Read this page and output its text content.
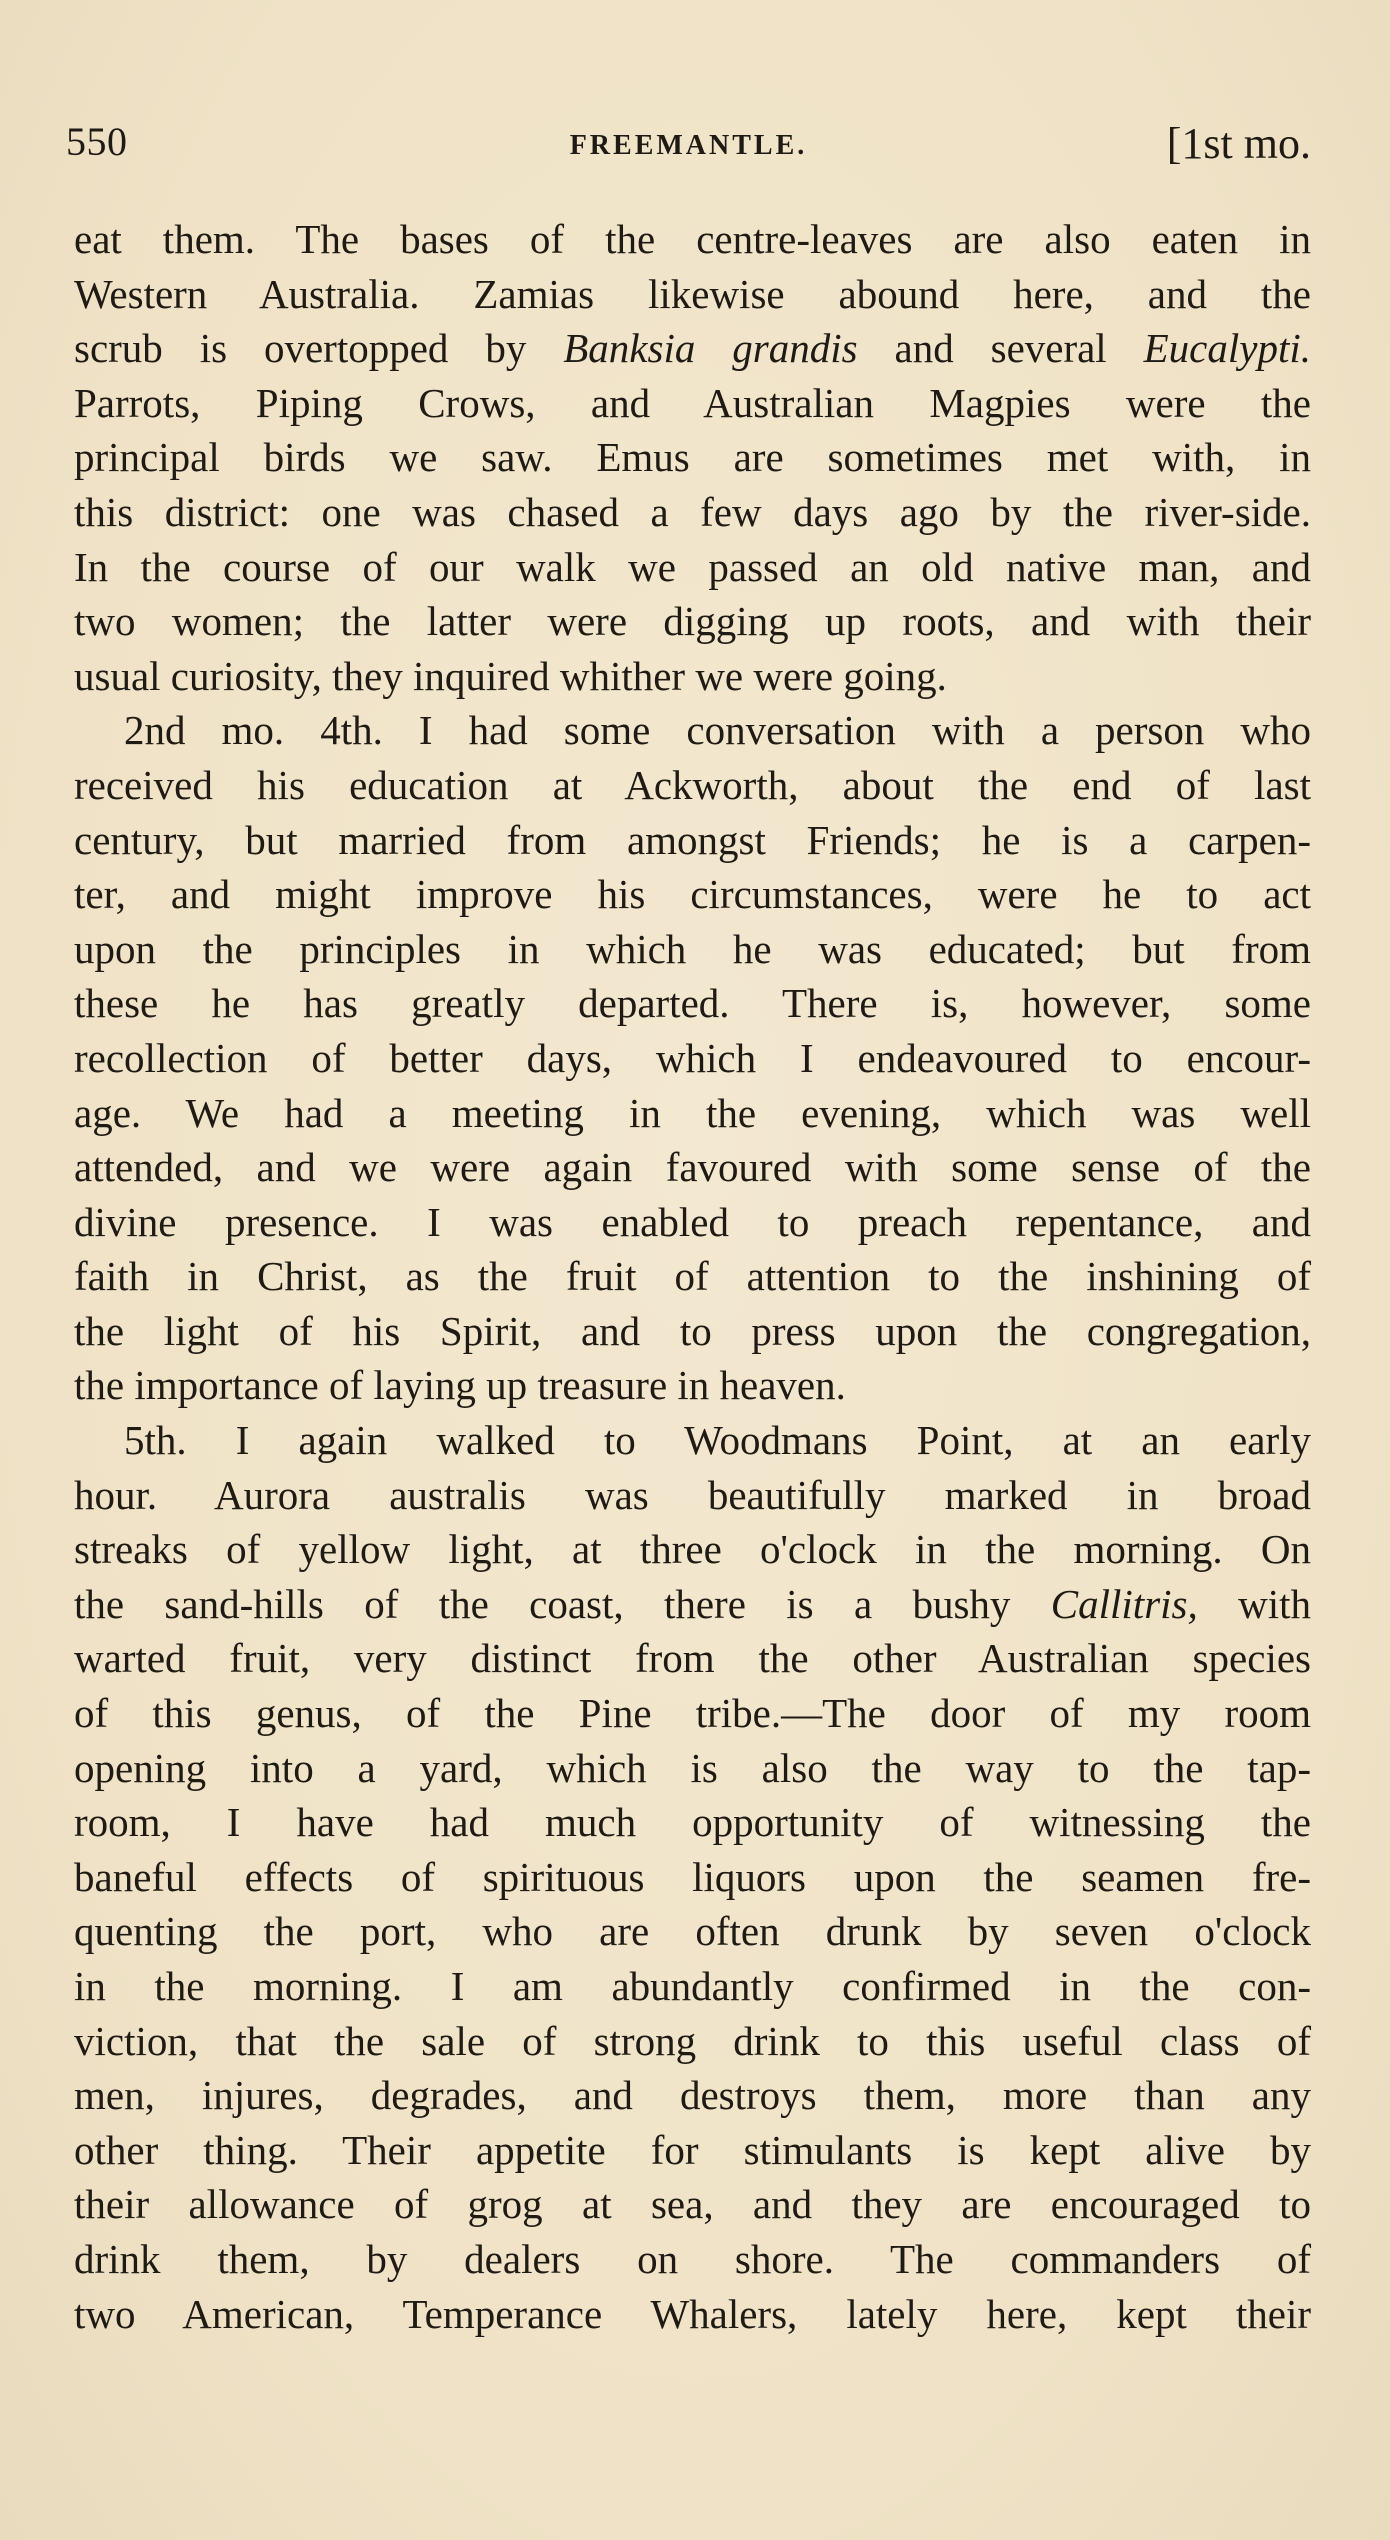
550	FREEMANTLE.	[1st mo.
eat them. The bases of the centre-leaves are also eaten in
Western Australia. Zamias likewise abound here, and the
scrub is overtopped by Banksia grandis and several Eucalypti.
Parrots, Piping Crows, and Australian Magpies were the
principal birds we saw. Emus are sometimes met with, in
this district: one was chased a few days ago by the river-side.
In the course of our walk we passed an old native man, and
two women; the latter were digging up roots, and with their
usual curiosity, they inquired whither we were going.
2nd mo. 4th. I had some conversation with a person who
received his education at Ackworth, about the end of last
century, but married from amongst Friends; he is a carpen-
ter, and might improve his circumstances, were he to act
upon the principles in which he was educated; but from
these he has greatly departed. There is, however, some
recollection of better days, which I endeavoured to encour-
age. We had a meeting in the evening, which was well
attended, and we were again favoured with some sense of the
divine presence. I was enabled to preach repentance, and
faith in Christ, as the fruit of attention to the inshining of
the light of his Spirit, and to press upon the congregation,
the importance of laying up treasure in heaven.
5th. I again walked to Woodmans Point, at an early
hour. Aurora australis was beautifully marked in broad
streaks of yellow light, at three o'clock in the morning. On
the sand-hills of the coast, there is a bushy Callitris, with
warted fruit, very distinct from the other Australian species
of this genus, of the Pine tribe.—The door of my room
opening into a yard, which is also the way to the tap-
room, I have had much opportunity of witnessing the
baneful effects of spirituous liquors upon the seamen fre-
quenting the port, who are often drunk by seven o'clock
in the morning. I am abundantly confirmed in the con-
viction, that the sale of strong drink to this useful class of
men, injures, degrades, and destroys them, more than any
other thing. Their appetite for stimulants is kept alive by
their allowance of grog at sea, and they are encouraged to
drink them, by dealers on shore. The commanders of
two American, Temperance Whalers, lately here, kept their
